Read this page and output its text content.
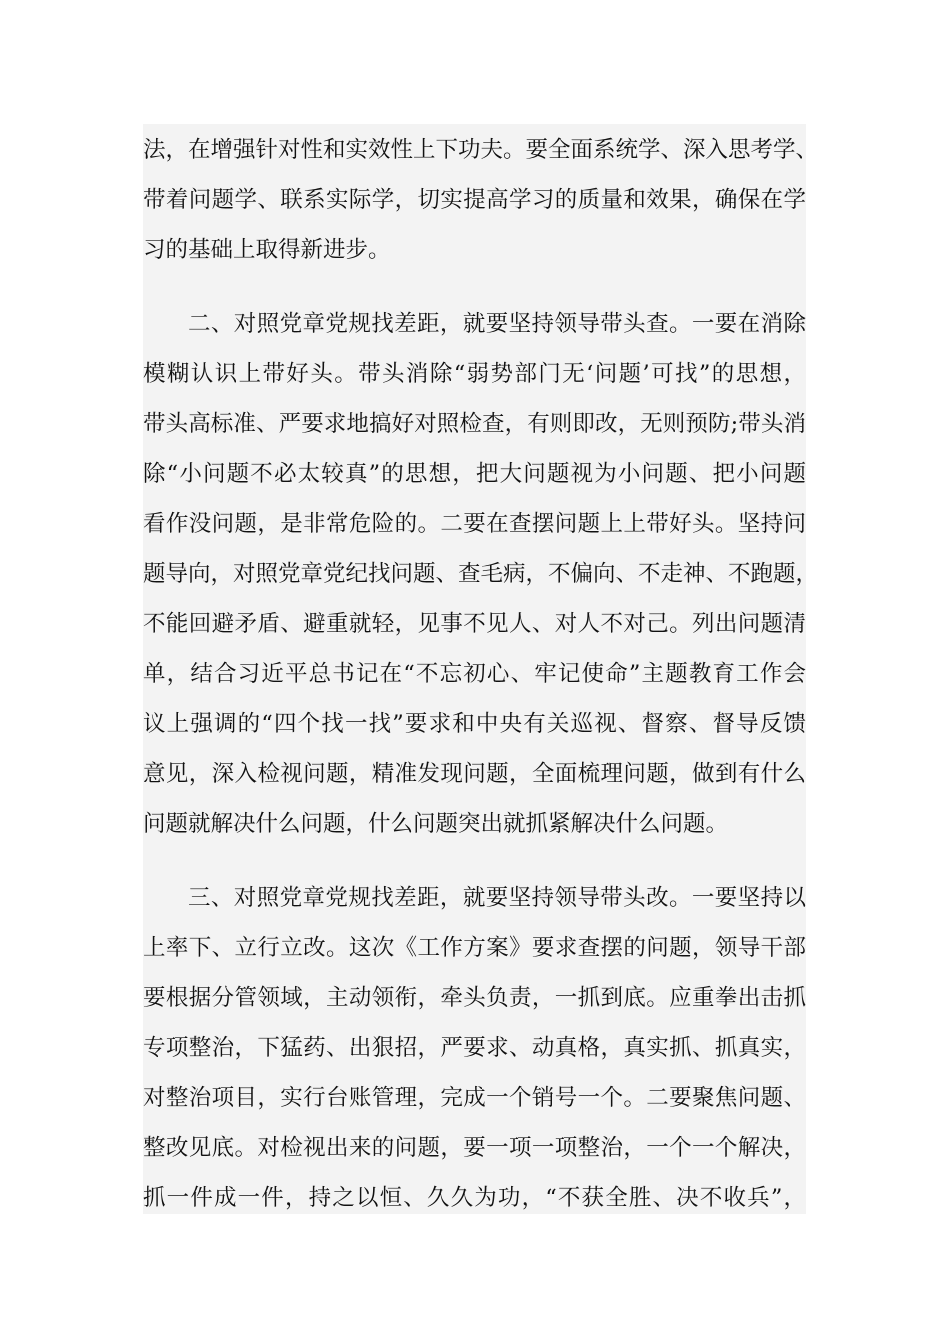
法，在增强针对性和实效性上下功夫。要全面系统学、深入思考学、
带着问题学、联系实际学，切实提高学习的质量和效果，确保在学
习的基础上取得新进步。
二、对照党章党规找差距，就要坚持领导带头查。一要在消除
模糊认识上带好头。带头消除“弱势部门无‘问题’可找”的思想，
带头高标准、严要求地搞好对照检查，有则即改，无则预防;带头消
除“小问题不必太较真”的思想，把大问题视为小问题、把小问题
看作没问题，是非常危险的。二要在查摆问题上上带好头。坚持问
题导向，对照党章党纪找问题、查毛病，不偏向、不走神、不跑题，
不能回避矛盾、避重就轻，见事不见人、对人不对己。列出问题清
单，结合习近平总书记在“不忘初心、牢记使命”主题教育工作会
议上强调的“四个找一找”要求和中央有关巡视、督察、督导反馈
意见，深入检视问题，精准发现问题，全面梳理问题，做到有什么
问题就解决什么问题，什么问题突出就抓紧解决什么问题。
三、对照党章党规找差距，就要坚持领导带头改。一要坚持以
上率下、立行立改。这次《工作方案》要求查摆的问题，领导干部
要根据分管领域，主动领衔，牵头负责，一抓到底。应重拳出击抓
专项整治，下猛药、出狠招，严要求、动真格，真实抓、抓真实，
对整治项目，实行台账管理，完成一个销号一个。二要聚焦问题、
整改见底。对检视出来的问题，要一项一项整治，一个一个解决，
抓一件成一件，持之以恒、久久为功，“不获全胜、决不收兵”，
